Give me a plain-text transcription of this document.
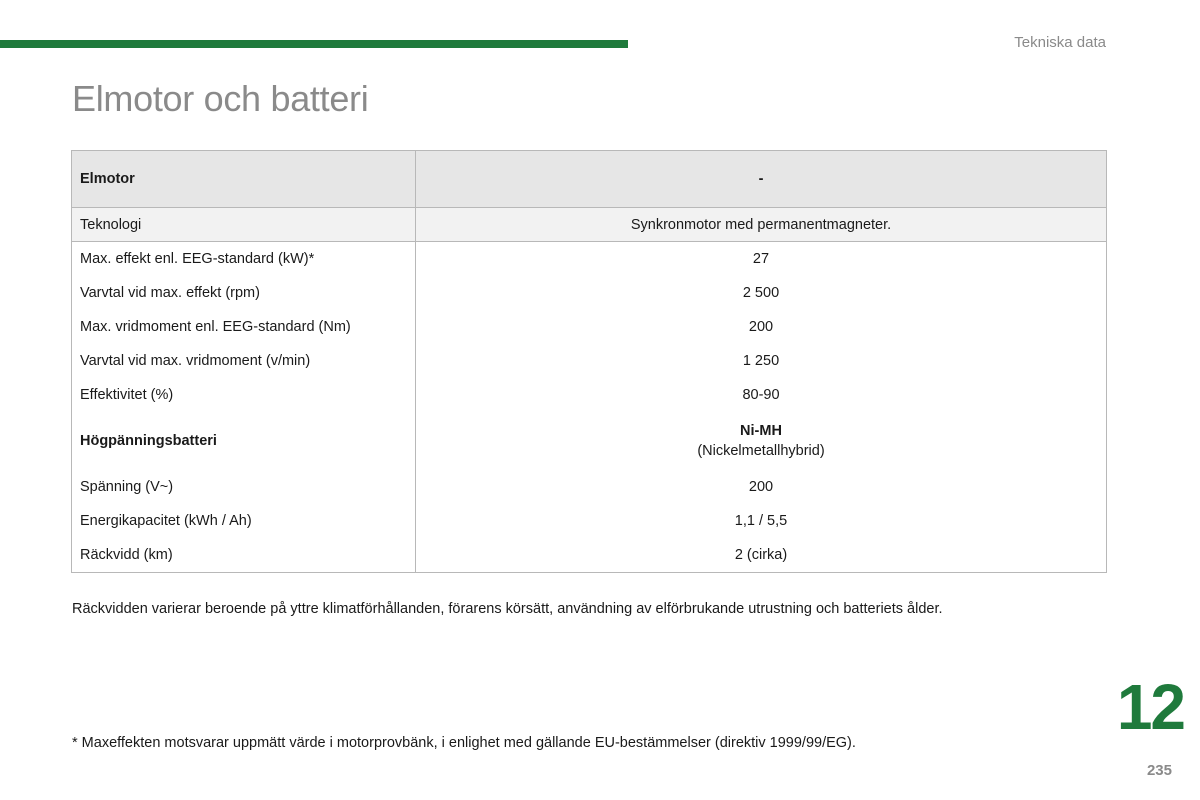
Tekniska data
Elmotor och batteri
Elmotor	-
Teknologi	Synkronmotor med permanentmagneter.
Max. effekt enl. EEG-standard (kW)*	27
Varvtal vid max. effekt (rpm)	2 500
Max. vridmoment enl. EEG-standard (Nm)	200
Varvtal vid max. vridmoment (v/min)	1 250
Effektivitet (%)	80-90
Högpänningsbatteri	Ni-MH
(Nickelmetallhybrid)

Spänning (V~)	200
Energikapacitet (kWh / Ah)	1,1 / 5,5
Räckvidd (km)	2 (cirka)

Räckvidden varierar beroende på yttre klimatförhållanden, förarens körsätt, användning av elförbrukande utrustning och batteriets ålder.

* Maxeffekten motsvarar uppmätt värde i motorprovbänk, i enlighet med gällande EU-bestämmelser (direktiv 1999/99/EG).	12
235
